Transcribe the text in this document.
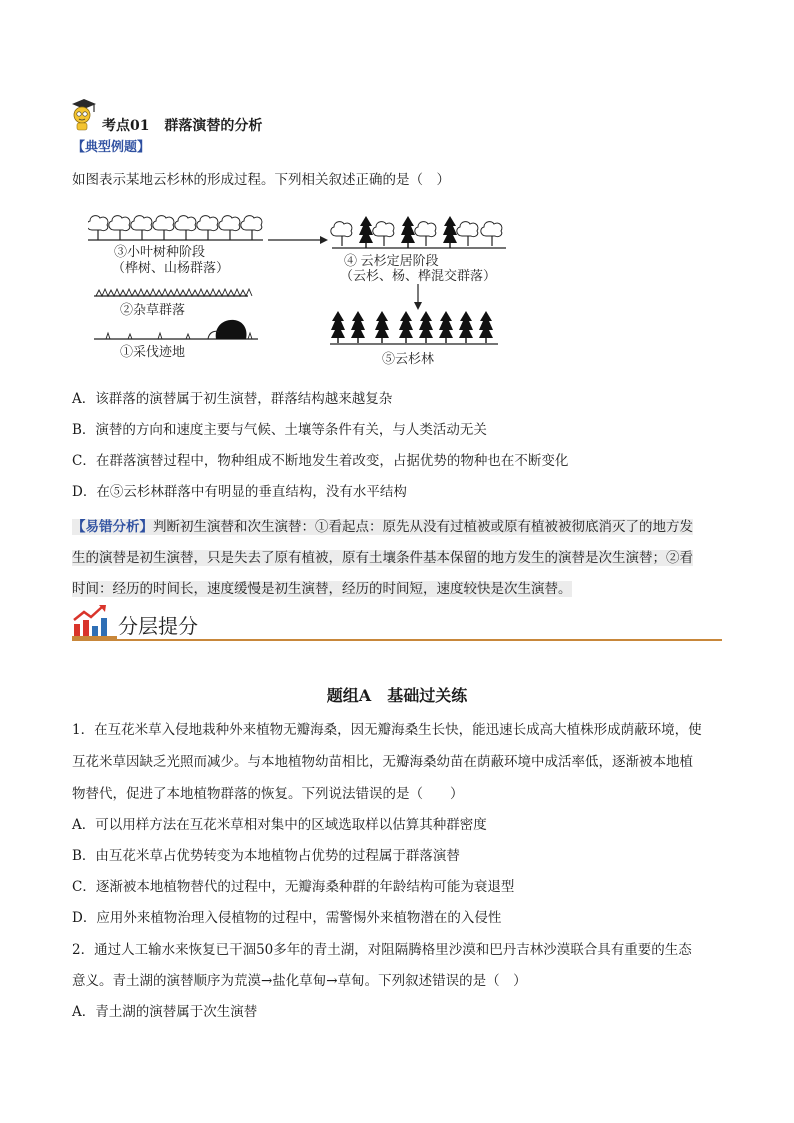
考点01 群落演替的分析
【典型例题】
如图表示某地云杉林的形成过程。下列相关叙述正确的是（　）
③小叶树种阶段
（桦树、山杨群落）	④ 云杉定居阶段
（云杉、杨、桦混交群落）
②杂草群落
①采伐迹地	⑤云杉林
A．该群落的演替属于初生演替，群落结构越来越复杂
B．演替的方向和速度主要与气候、土壤等条件有关，与人类活动无关
C．在群落演替过程中，物种组成不断地发生着改变，占据优势的物种也在不断变化
D．在⑤云杉林群落中有明显的垂直结构，没有水平结构
【易错分析】判断初生演替和次生演替：①看起点：原先从没有过植被或原有植被被彻底消灭了的地方发
生的演替是初生演替，只是失去了原有植被，原有土壤条件基本保留的地方发生的演替是次生演替；②看
时间：经历的时间长，速度缓慢是初生演替，经历的时间短，速度较快是次生演替。
分层提分
题组A　基础过关练
1．在互花米草入侵地栽种外来植物无瓣海桑，因无瓣海桑生长快，能迅速长成高大植株形成荫蔽环境，使
互花米草因缺乏光照而减少。与本地植物幼苗相比，无瓣海桑幼苗在荫蔽环境中成活率低，逐渐被本地植
物替代，促进了本地植物群落的恢复。下列说法错误的是（　　）
A．可以用样方法在互花米草相对集中的区域选取样以估算其种群密度
B．由互花米草占优势转变为本地植物占优势的过程属于群落演替
C．逐渐被本地植物替代的过程中，无瓣海桑种群的年龄结构可能为衰退型
D．应用外来植物治理入侵植物的过程中，需警惕外来植物潜在的入侵性
2．通过人工输水来恢复已干涸50多年的青土湖，对阻隔腾格里沙漠和巴丹吉林沙漠联合具有重要的生态
意义。青土湖的演替顺序为荒漠→盐化草甸→草甸。下列叙述错误的是（　）
A．青土湖的演替属于次生演替
